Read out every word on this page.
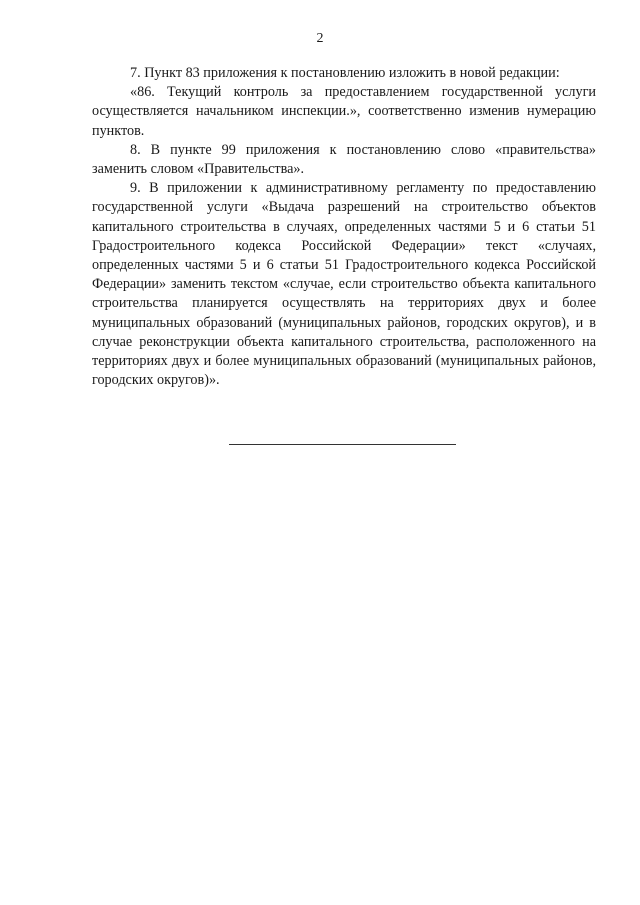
2

7. Пункт 83 приложения к постановлению изложить в новой редакции:

«86. Текущий контроль за предоставлением государственной услуги осуществляется начальником инспекции.», соответственно изменив нумерацию пунктов.

8. В пункте 99 приложения к постановлению слово «правительства» заменить словом «Правительства».

9. В приложении к административному регламенту по предоставлению государственной услуги «Выдача разрешений на строительство объектов капитального строительства в случаях, определенных частями 5 и 6 статьи 51 Градостроительного кодекса Российской Федерации» текст «случаях, определенных частями 5 и 6 статьи 51 Градостроительного кодекса Российской Федерации» заменить текстом «случае, если строительство объекта капитального строительства планируется осуществлять на территориях двух и более муниципальных образований (муниципальных районов, городских округов), и в случае реконструкции объекта капитального строительства, расположенного на территориях двух и более муниципальных образований (муниципальных районов, городских округов)».
